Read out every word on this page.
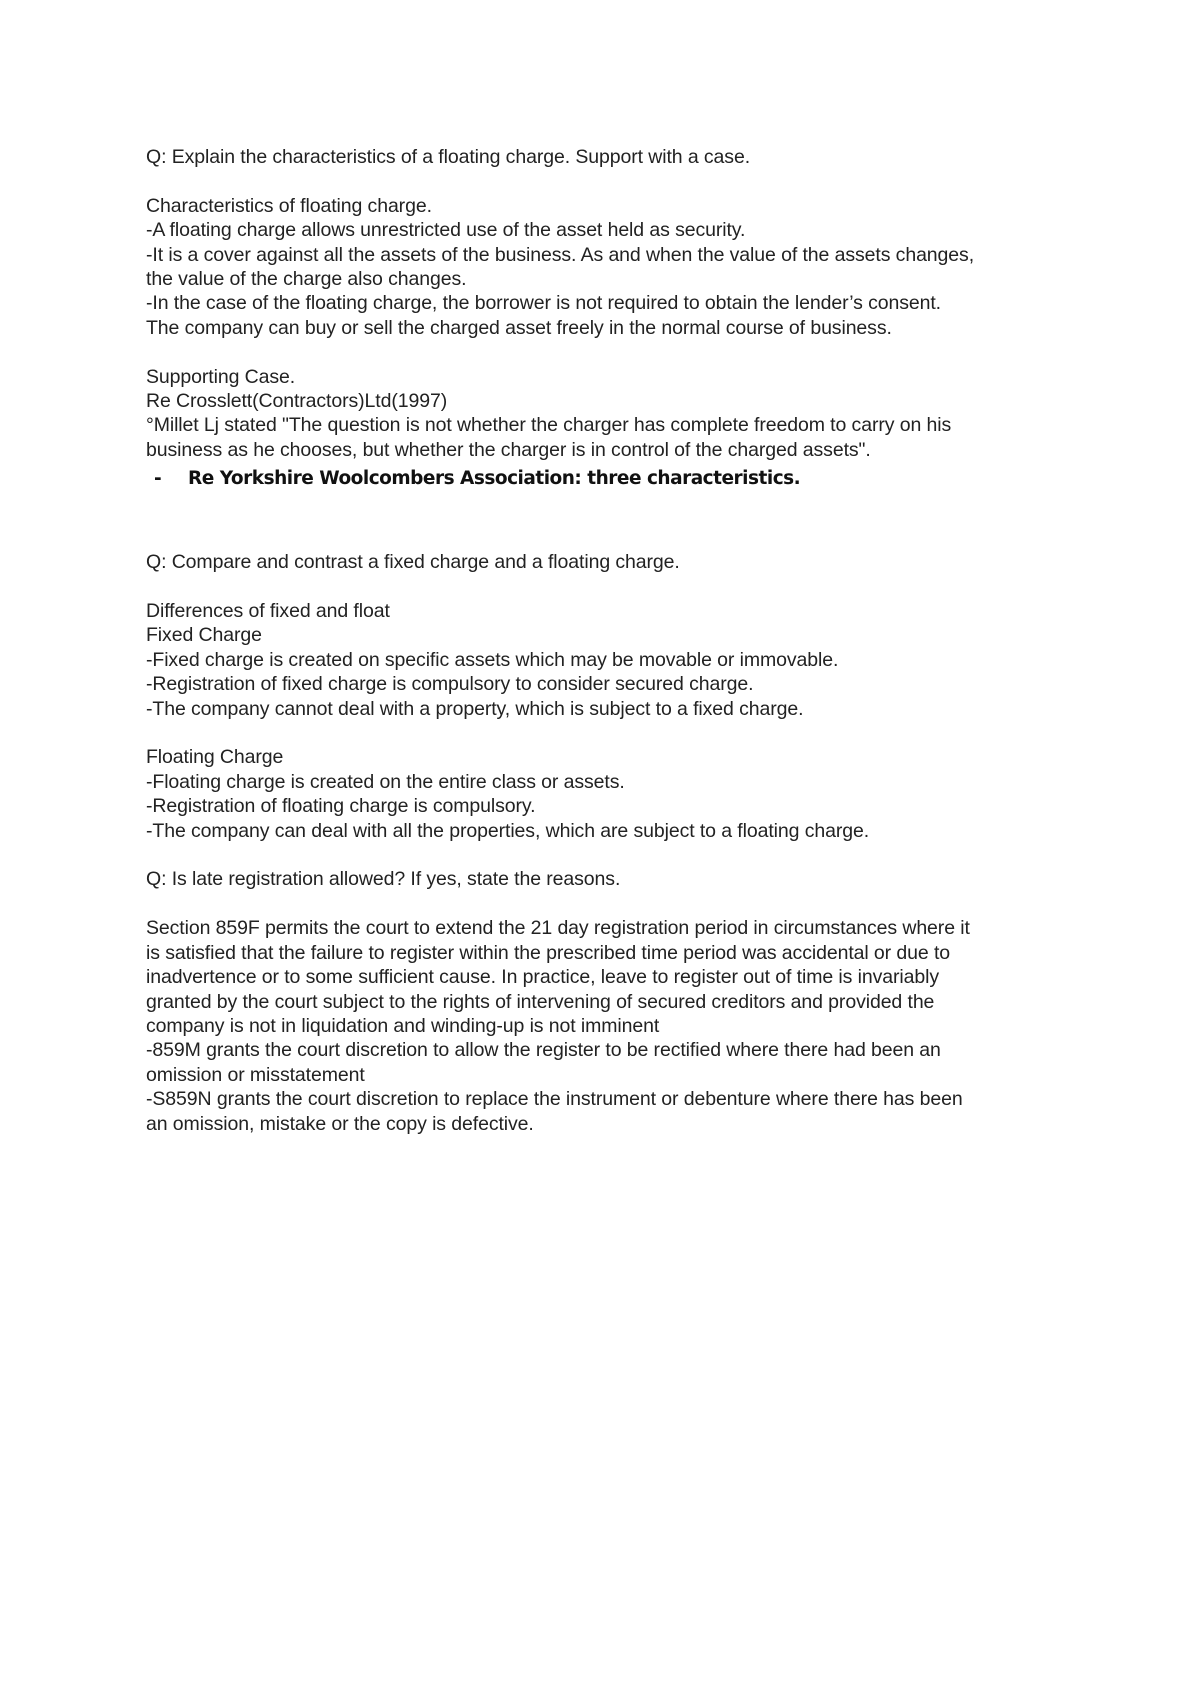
Q: Explain the characteristics of a floating charge. Support with a case.
Characteristics of floating charge.
-A floating charge allows unrestricted use of the asset held as security.
-It is a cover against all the assets of the business. As and when the value of the assets changes,
the value of the charge also changes.
-In the case of the floating charge, the borrower is not required to obtain the lender’s consent.
The company can buy or sell the charged asset freely in the normal course of business.
Supporting Case.
Re Crosslett(Contractors)Ltd(1997)
°Millet Lj stated "The question is not whether the charger has complete freedom to carry on his
business as he chooses, but whether the charger is in control of the charged assets".
- Re Yorkshire Woolcombers Association: three characteristics.
Q: Compare and contrast a fixed charge and a floating charge.
Differences of fixed and float
Fixed Charge
-Fixed charge is created on specific assets which may be movable or immovable.
-Registration of fixed charge is compulsory to consider secured charge.
-The company cannot deal with a property, which is subject to a fixed charge.
Floating Charge
-Floating charge is created on the entire class or assets.
-Registration of floating charge is compulsory.
-The company can deal with all the properties, which are subject to a floating charge.
Q: Is late registration allowed? If yes, state the reasons.
Section 859F permits the court to extend the 21 day registration period in circumstances where it
is satisfied that the failure to register within the prescribed time period was accidental or due to
inadvertence or to some sufficient cause. In practice, leave to register out of time is invariably
granted by the court subject to the rights of intervening of secured creditors and provided the
company is not in liquidation and winding-up is not imminent
-859M grants the court discretion to allow the register to be rectified where there had been an
omission or misstatement
-S859N grants the court discretion to replace the instrument or debenture where there has been
an omission, mistake or the copy is defective.
